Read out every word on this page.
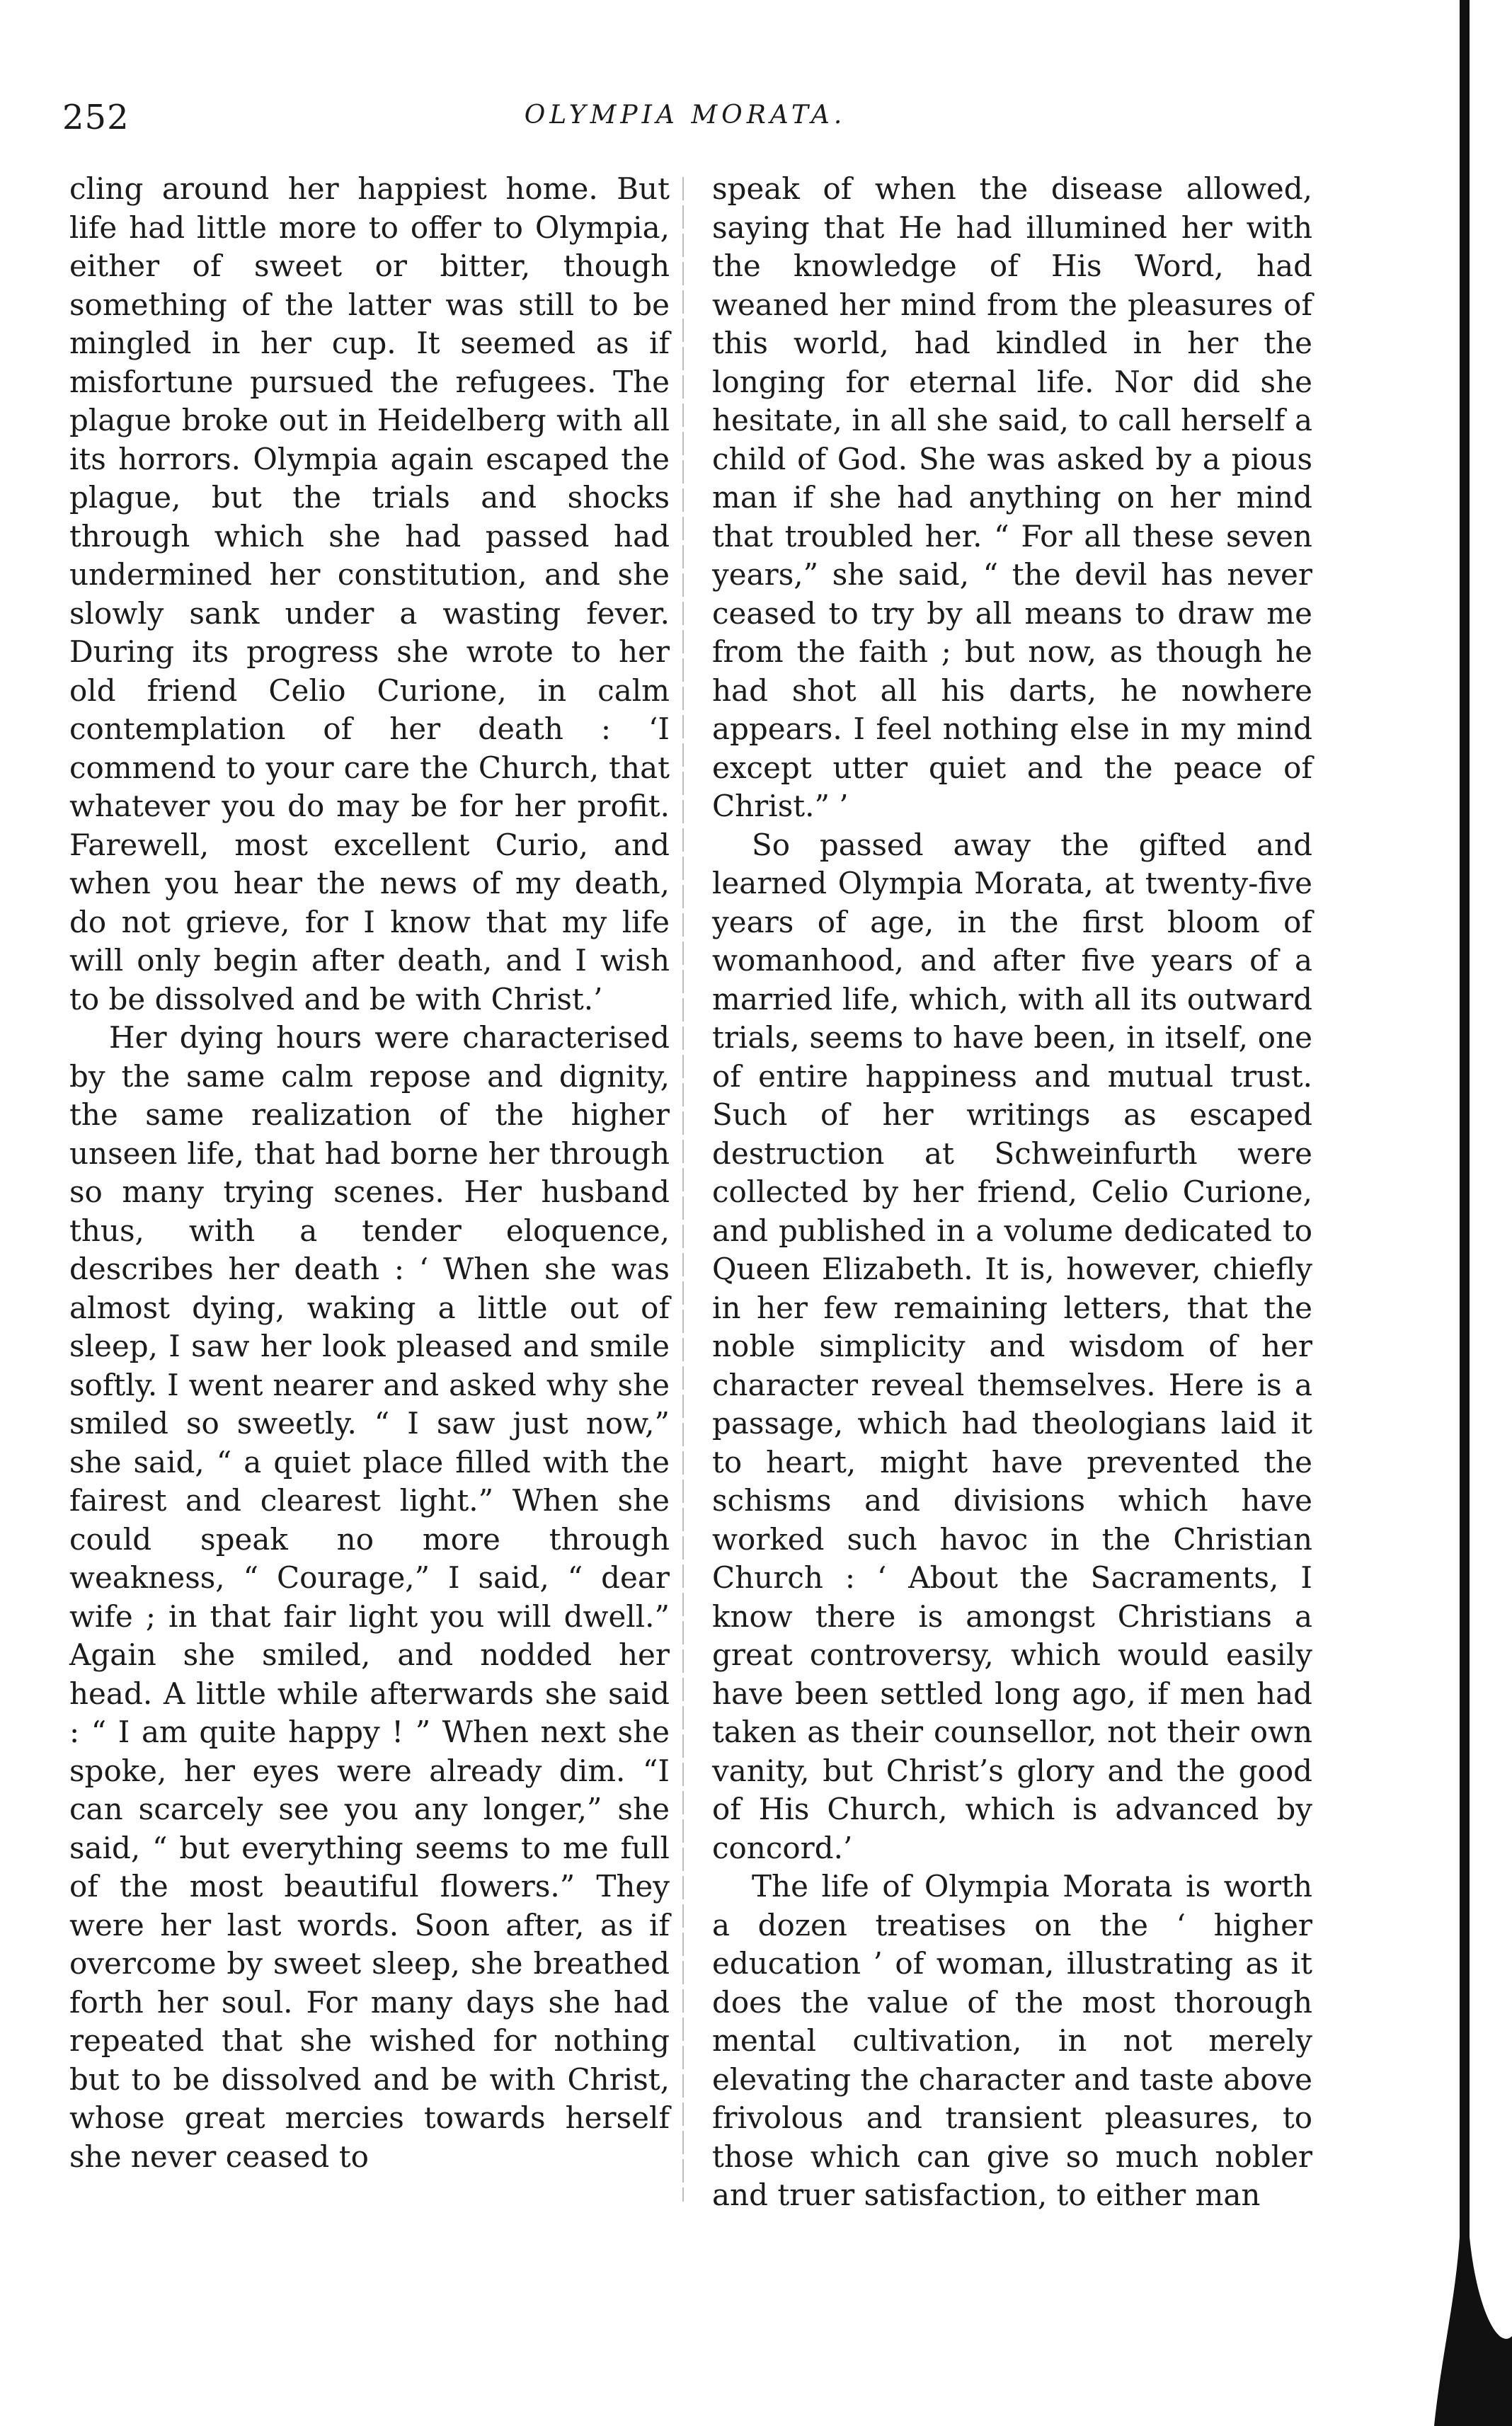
252	OLYMPIA MORATA.

cling around her happiest home. But life had little more to offer to Olympia, either of sweet or bitter, though something of the latter was still to be mingled in her cup. It seemed as if misfortune pursued the refugees. The plague broke out in Heidelberg with all its horrors. Olympia again escaped the plague, but the trials and shocks through which she had passed had undermined her constitution, and she slowly sank under a wasting fever. During its progress she wrote to her old friend Celio Curione, in calm contemplation of her death : ‘I commend to your care the Church, that whatever you do may be for her profit. Farewell, most excellent Curio, and when you hear the news of my death, do not grieve, for I know that my life will only begin after death, and I wish to be dissolved and be with Christ.’

Her dying hours were characterised by the same calm repose and dignity, the same realization of the higher unseen life, that had borne her through so many trying scenes. Her husband thus, with a tender eloquence, describes her death : ‘ When she was almost dying, waking a little out of sleep, I saw her look pleased and smile softly. I went nearer and asked why she smiled so sweetly. “ I saw just now,” she said, “ a quiet place filled with the fairest and clearest light.” When she could speak no more through weakness, “ Courage,” I said, “ dear wife ; in that fair light you will dwell.” Again she smiled, and nodded her head. A little while afterwards she said : “ I am quite happy ! ” When next she spoke, her eyes were already dim. “I can scarcely see you any longer,” she said, “ but everything seems to me full of the most beautiful flowers.” They were her last words. Soon after, as if overcome by sweet sleep, she breathed forth her soul. For many days she had repeated that she wished for nothing but to be dissolved and be with Christ, whose great mercies towards herself she never ceased to

speak of when the disease allowed, saying that He had illumined her with the knowledge of His Word, had weaned her mind from the pleasures of this world, had kindled in her the longing for eternal life. Nor did she hesitate, in all she said, to call herself a child of God. She was asked by a pious man if she had anything on her mind that troubled her. “ For all these seven years,” she said, “ the devil has never ceased to try by all means to draw me from the faith ; but now, as though he had shot all his darts, he nowhere appears. I feel nothing else in my mind except utter quiet and the peace of Christ.” ’

So passed away the gifted and learned Olympia Morata, at twenty-five years of age, in the first bloom of womanhood, and after five years of a married life, which, with all its outward trials, seems to have been, in itself, one of entire happiness and mutual trust. Such of her writings as escaped destruction at Schweinfurth were collected by her friend, Celio Curione, and published in a volume dedicated to Queen Elizabeth. It is, however, chiefly in her few remaining letters, that the noble simplicity and wisdom of her character reveal themselves. Here is a passage, which had theologians laid it to heart, might have prevented the schisms and divisions which have worked such havoc in the Christian Church : ‘ About the Sacraments, I know there is amongst Christians a great controversy, which would easily have been settled long ago, if men had taken as their counsellor, not their own vanity, but Christ’s glory and the good of His Church, which is advanced by concord.’

The life of Olympia Morata is worth a dozen treatises on the ‘ higher education ’ of woman, illustrating as it does the value of the most thorough mental cultivation, in not merely elevating the character and taste above frivolous and transient pleasures, to those which can give so much nobler and truer satisfaction, to either man
